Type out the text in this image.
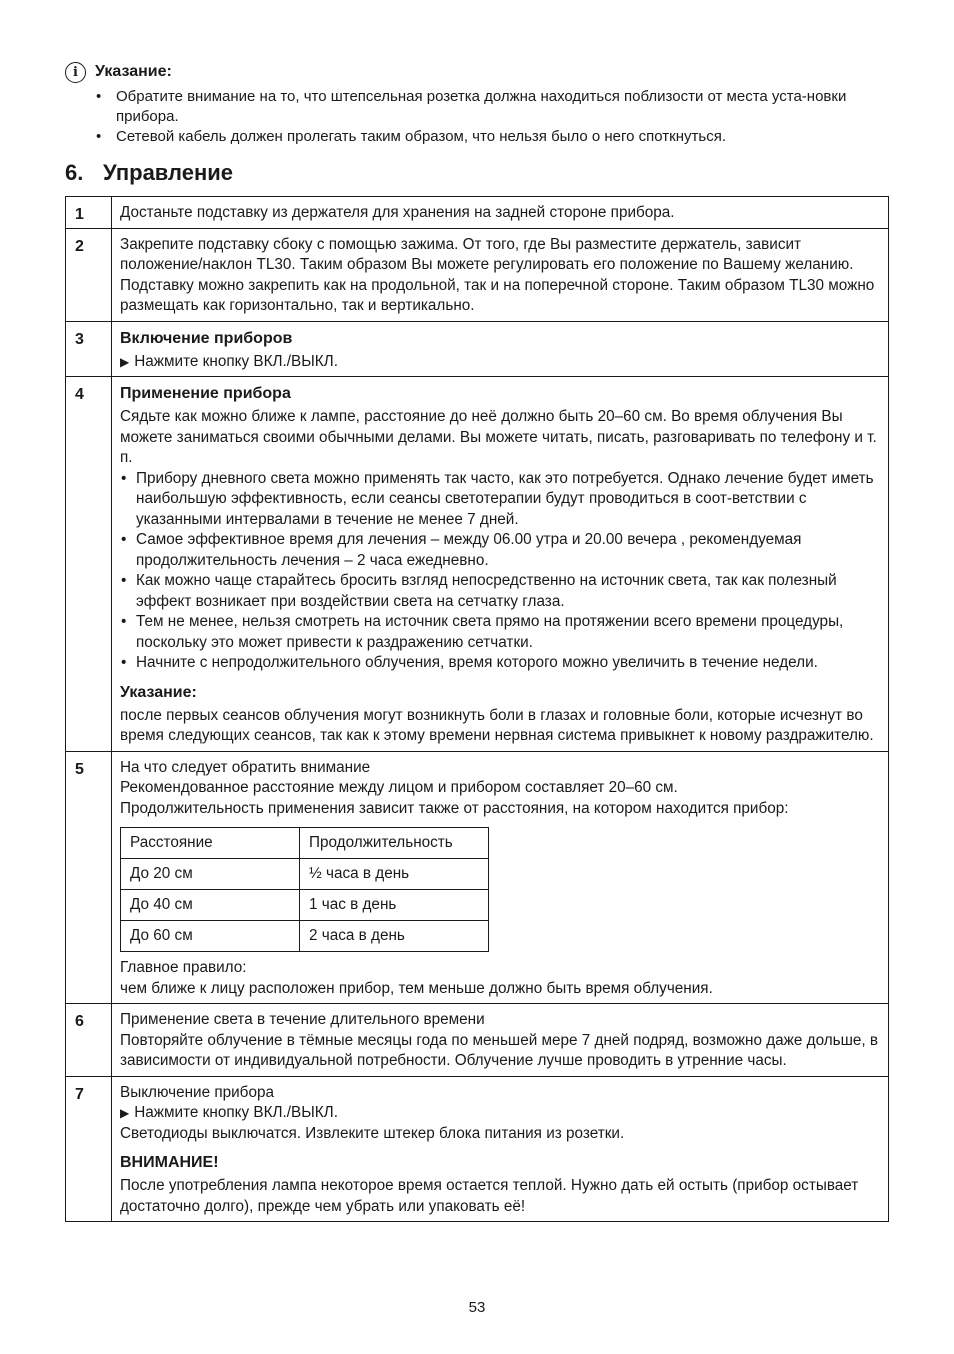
i	Указание:
• Обратите внимание на то, что штепсельная розетка должна находиться поблизости от места уста-новки прибора.
• Сетевой кабель должен пролегать таким образом, что нельзя было о него споткнуться.
6. Управление
1	Достаньте подставку из держателя для хранения на задней стороне прибора.

2	Закрепите подставку сбоку с помощью зажима. От того, где Вы разместите держатель, зависит положение/наклон TL30. Таким образом Вы можете регулировать его положение по Вашему желанию. Подставку можно закрепить как на продольной, так и на поперечной стороне. Таким образом TL30 можно размещать как горизонтально, так и вертикально.

3	Включение приборов
▶ Нажмите кнопку ВКЛ./ВЫКЛ.

4	Применение прибора
Сядьте как можно ближе к лампе, расстояние до неё должно быть 20–60 см. Во время облучения Вы можете заниматься своими обычными делами. Вы можете читать, писать, разговаривать по телефону и т. п.
• Прибору дневного света можно применять так часто, как это потребуется. Однако лечение будет иметь наибольшую эффективность, если сеансы светотерапии будут проводиться в соот-ветствии с указанными интервалами в течение не менее 7 дней.
• Самое эффективное время для лечения – между 06.00 утра и 20.00 вечера , рекомендуемая продолжительность лечения – 2 часа ежедневно.
• Как можно чаще старайтесь бросить взгляд непосредственно на источник света, так как полезный эффект возникает при воздействии света на сетчатку глаза.
• Тем не менее, нельзя смотреть на источник света прямо на протяжении всего времени процедуры, поскольку это может привести к раздражению сетчатки.
• Начните с непродолжительного облучения, время которого можно увеличить в течение недели.
Указание:
после первых сеансов облучения могут возникнуть боли в глазах и головные боли, которые исчезнут во время следующих сеансов, так как к этому времени нервная система привыкнет к новому раздражителю.

5	На что следует обратить внимание
Рекомендованное расстояние между лицом и прибором составляет 20–60 см.
Продолжительность применения зависит также от расстояния, на котором находится прибор:
Расстояние	Продолжительность
До 20 см	½ часа в день
До 40 см	1 час в день
До 60 см	2 часа в день
Главное правило:
чем ближе к лицу расположен прибор, тем меньше должно быть время облучения.

6	Применение света в течение длительного времени
Повторяйте облучение в тёмные месяцы года по меньшей мере 7 дней подряд, возможно даже дольше, в зависимости от индивидуальной потребности. Облучение лучше проводить в утренние часы.

7	Выключение прибора
▶ Нажмите кнопку ВКЛ./ВЫКЛ.
Светодиоды выключатся. Извлеките штекер блока питания из розетки.
ВНИМАНИЕ!
После употребления лампа некоторое время остается теплой. Нужно дать ей остыть (прибор остывает достаточно долго), прежде чем убрать или упаковать её!
53
